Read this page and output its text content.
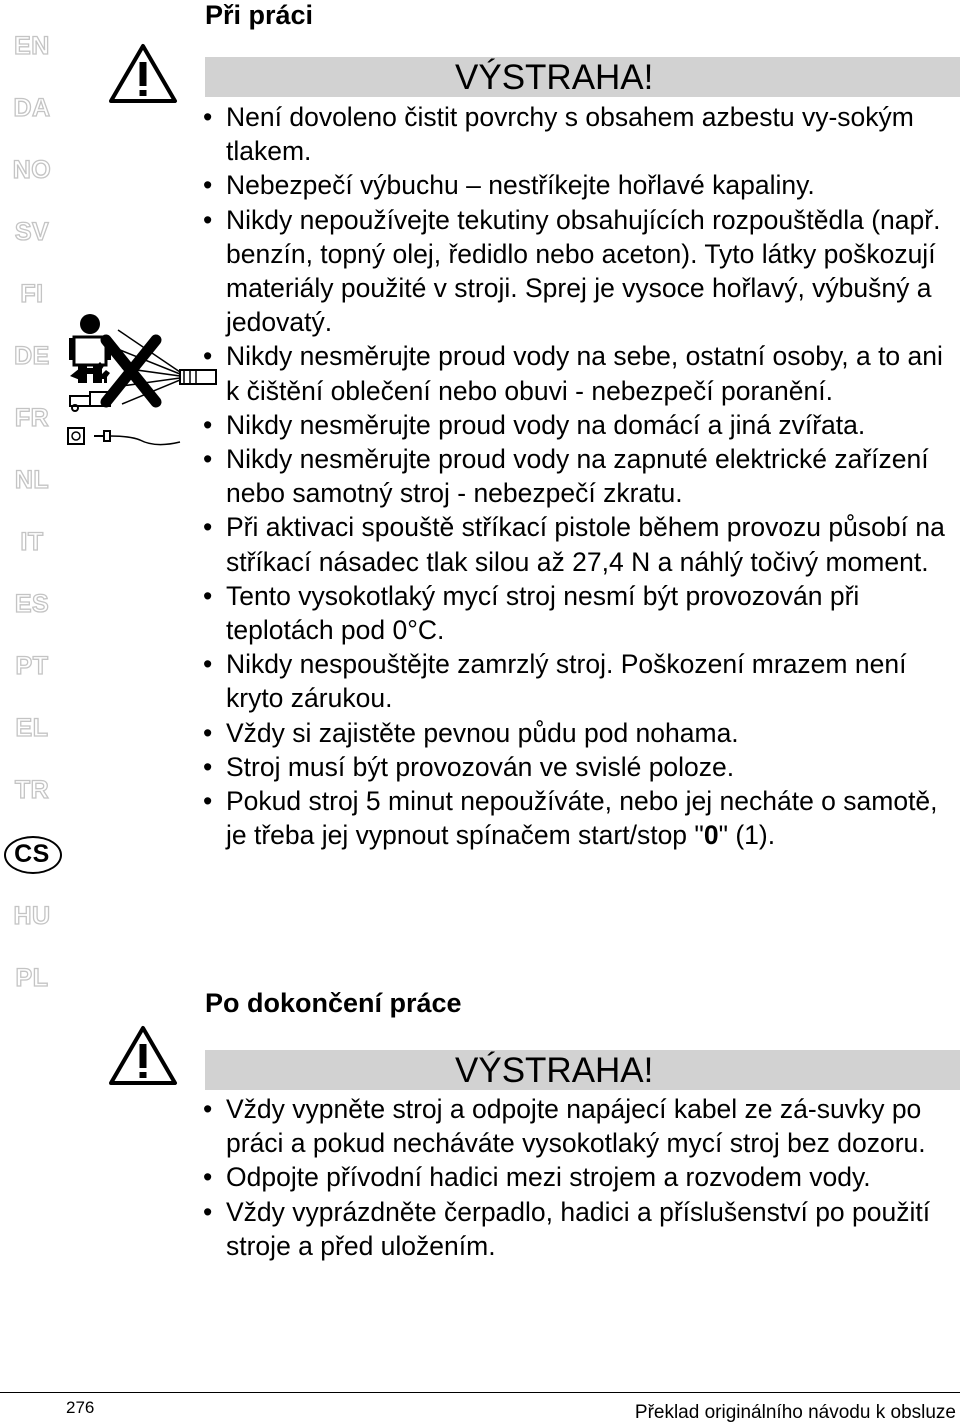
EN
DA
NO
SV
FI
DE
FR
NL
IT
ES
PT
EL
TR
CS
HU
PL
Při práci
VÝSTRAHA!
• Není dovoleno čistit povrchy s obsahem azbestu vy-sokým tlakem.
• Nebezpečí výbuchu – nestříkejte hořlavé kapaliny.
• Nikdy nepoužívejte tekutiny obsahujících rozpouštědla (např. benzín, topný olej, ředidlo nebo aceton). Tyto látky poškozují materiály použité v stroji. Sprej je vysoce hořlavý, výbušný a jedovatý.
• Nikdy nesměrujte proud vody na sebe, ostatní osoby, a to ani k čištění oblečení nebo obuvi - nebezpečí poranění.
• Nikdy nesměrujte proud vody na domácí a jiná zvířata.
• Nikdy nesměrujte proud vody na zapnuté elektrické zařízení nebo samotný stroj - nebezpečí zkratu.
• Při aktivaci spouště stříkací pistole během provozu působí na stříkací násadec tlak silou až 27,4 N a náhlý točivý moment.
• Tento vysokotlaký mycí stroj nesmí být provozován při teplotách pod 0°C.
• Nikdy nespouštějte zamrzlý stroj. Poškození mrazem není kryto zárukou.
• Vždy si zajistěte pevnou půdu pod nohama.
• Stroj musí být provozován ve svislé poloze.
• Pokud stroj 5 minut nepoužíváte, nebo jej necháte o samotě, je třeba jej vypnout spínačem start/stop "0" (1).
Po dokončení práce
VÝSTRAHA!
• Vždy vypněte stroj a odpojte napájecí kabel ze zá-suvky po práci a pokud necháváte vysokotlaký mycí stroj bez dozoru.
• Odpojte přívodní hadici mezi strojem a rozvodem vody.
• Vždy vyprázdněte čerpadlo, hadici a příslušenství po použití stroje a před uložením.
276	Překlad originálního návodu k obsluze
